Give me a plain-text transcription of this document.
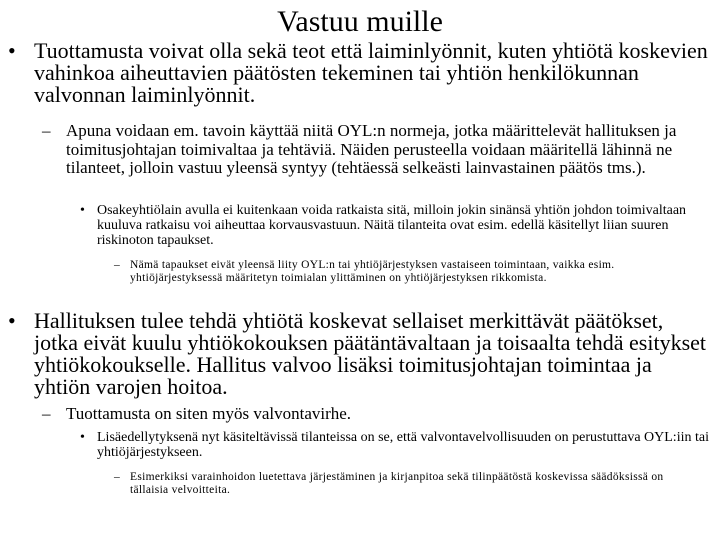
Vastuu muille
• Tuottamusta voivat olla sekä teot että laiminlyönnit, kuten yhtiötä koskevien vahinkoa aiheuttavien päätösten tekeminen tai yhtiön henkilökunnan valvonnan laiminlyönnit.
– Apuna voidaan em. tavoin käyttää niitä OYL:n normeja, jotka määrittelevät hallituksen ja toimitusjohtajan toimivaltaa ja tehtäviä. Näiden perusteella voidaan määritellä lähinnä ne tilanteet, jolloin vastuu yleensä syntyy (tehtäessä selkeästi lainvastainen päätös tms.).
• Osakeyhtiölain avulla ei kuitenkaan voida ratkaista sitä, milloin jokin sinänsä yhtiön johdon toimivaltaan kuuluva ratkaisu voi aiheuttaa korvausvastuun. Näitä tilanteita ovat esim. edellä käsitellyt liian suuren riskinoton tapaukset.
– Nämä tapaukset eivät yleensä liity OYL:n tai yhtiöjärjestyksen vastaiseen toimintaan, vaikka esim. yhtiöjärjestyksessä määritetyn toimialan ylittäminen on yhtiöjärjestyksen rikkomista.
• Hallituksen tulee tehdä yhtiötä koskevat sellaiset merkittävät päätökset, jotka eivät kuulu yhtiökokouksen päätäntävaltaan ja toisaalta tehdä esitykset yhtiökokoukselle. Hallitus valvoo lisäksi toimitusjohtajan toimintaa ja yhtiön varojen hoitoa.
– Tuottamusta on siten myös valvontavirhe.
• Lisäedellytyksenä nyt käsiteltävissä tilanteissa on se, että valvontavelvollisuuden on perustuttava OYL:iin tai yhtiöjärjestykseen.
– Esimerkiksi varainhoidon luetettava järjestäminen ja kirjanpitoa sekä tilinpäätöstä koskevissa säädöksissä on tällaisia velvoitteita.
